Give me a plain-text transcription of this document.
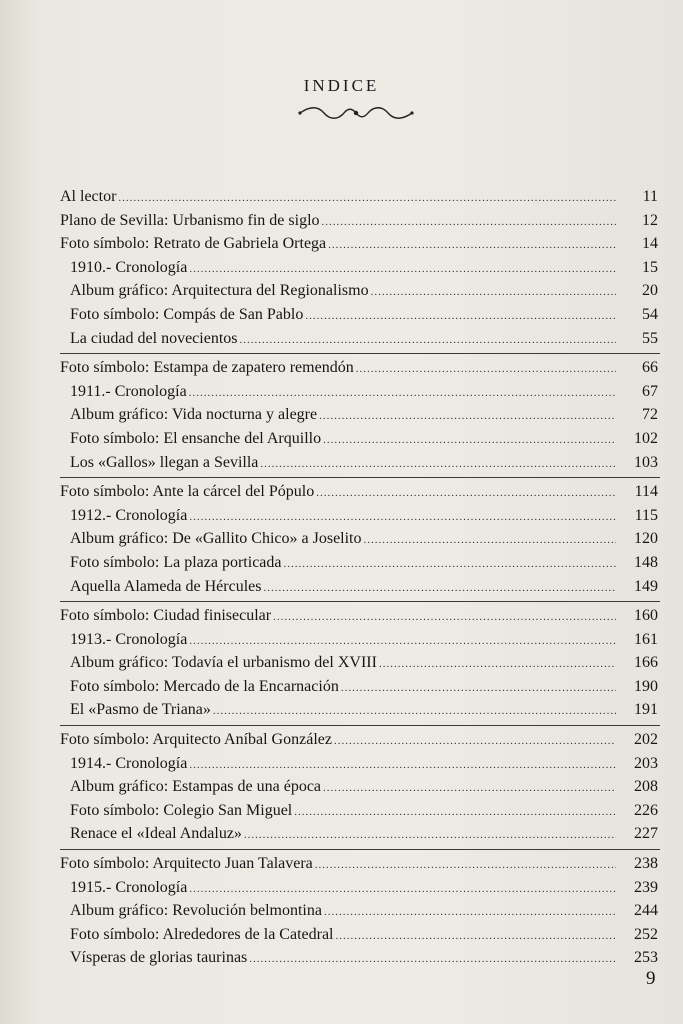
INDICE
Al lector .....	11
Plano de Sevilla: Urbanismo fin de siglo .....	12
Foto símbolo: Retrato de Gabriela Ortega .....	14
1910.- Cronología .....	15
Album gráfico: Arquitectura del Regionalismo .....	20
Foto símbolo: Compás de San Pablo .....	54
La ciudad del novecientos .....	55
Foto símbolo: Estampa de zapatero remendón .....	66
1911.- Cronología .....	67
Album gráfico: Vida nocturna y alegre .....	72
Foto símbolo: El ensanche del Arquillo .....	102
Los «Gallos» llegan a Sevilla .....	103
Foto símbolo: Ante la cárcel del Pópulo .....	114
1912.- Cronología .....	115
Album gráfico: De «Gallito Chico» a Joselito .....	120
Foto símbolo: La plaza porticada .....	148
Aquella Alameda de Hércules .....	149
Foto símbolo: Ciudad finisecular .....	160
1913.- Cronología .....	161
Album gráfico: Todavía el urbanismo del XVIII .....	166
Foto símbolo: Mercado de la Encarnación .....	190
El «Pasmo de Triana» .....	191
Foto símbolo: Arquitecto Aníbal González .....	202
1914.- Cronología .....	203
Album gráfico: Estampas de una época .....	208
Foto símbolo: Colegio San Miguel .....	226
Renace el «Ideal Andaluz» .....	227
Foto símbolo: Arquitecto Juan Talavera .....	238
1915.- Cronología .....	239
Album gráfico: Revolución belmontina .....	244
Foto símbolo: Alrededores de la Catedral .....	252
Vísperas de glorias taurinas .....	253
9
